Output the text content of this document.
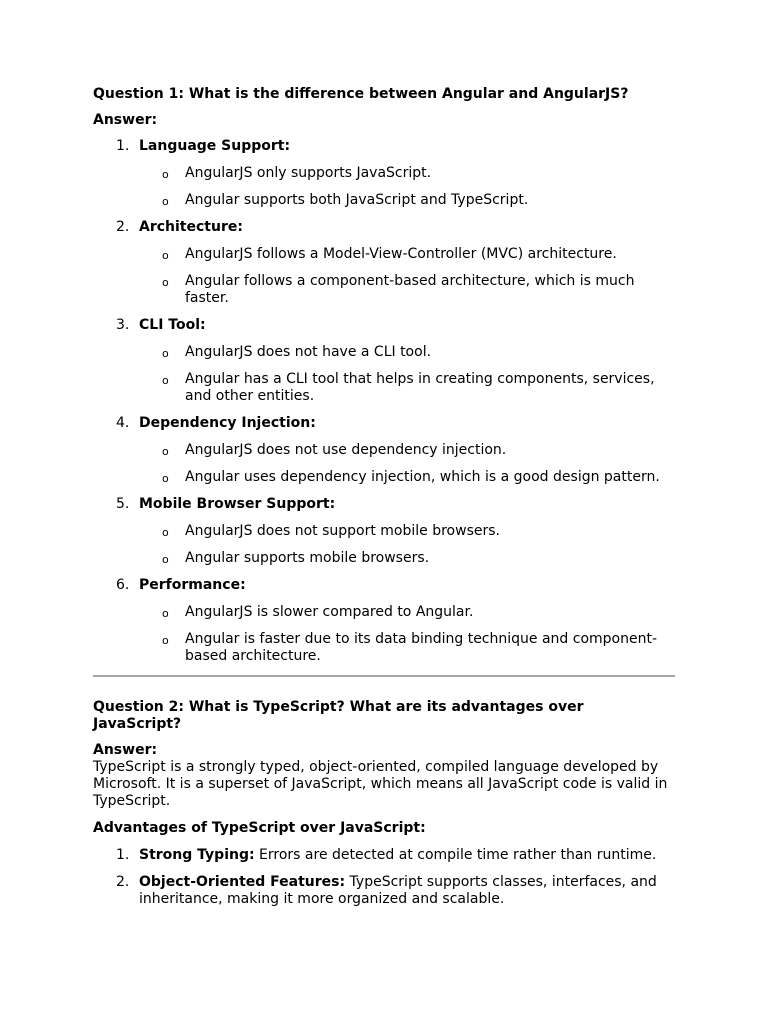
Question 1: What is the difference between Angular and AngularJS?

Answer:

1. Language Support:
o AngularJS only supports JavaScript.
o Angular supports both JavaScript and TypeScript.
2. Architecture:
o AngularJS follows a Model-View-Controller (MVC) architecture.
o Angular follows a component-based architecture, which is much faster.
3. CLI Tool:
o AngularJS does not have a CLI tool.
o Angular has a CLI tool that helps in creating components, services, and other entities.
4. Dependency Injection:
o AngularJS does not use dependency injection.
o Angular uses dependency injection, which is a good design pattern.
5. Mobile Browser Support:
o AngularJS does not support mobile browsers.
o Angular supports mobile browsers.
6. Performance:
o AngularJS is slower compared to Angular.
o Angular is faster due to its data binding technique and component-based architecture.

Question 2: What is TypeScript? What are its advantages over JavaScript?

Answer:

TypeScript is a strongly typed, object-oriented, compiled language developed by Microsoft. It is a superset of JavaScript, which means all JavaScript code is valid in TypeScript.

Advantages of TypeScript over JavaScript:

1. Strong Typing: Errors are detected at compile time rather than runtime.
2. Object-Oriented Features: TypeScript supports classes, interfaces, and inheritance, making it more organized and scalable.
